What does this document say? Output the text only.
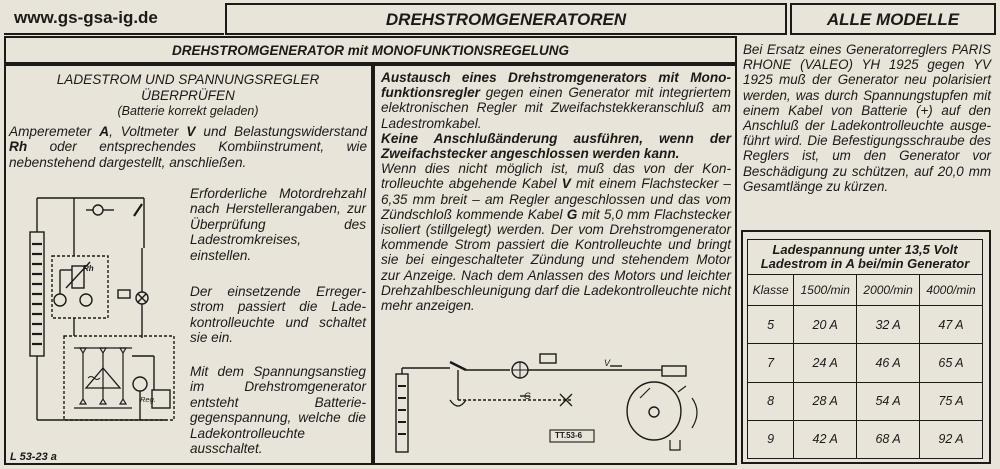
www.gs-gsa-ig.de	DREHSTROMGENERATOREN	ALLE MODELLE
DREHSTROMGENERATOR mit MONOFUNKTIONSREGELUNG
LADESTROM UND SPANNUNGSREGLER
ÜBERPRÜFEN
(Batterie korrekt geladen)
Amperemeter A, Voltmeter V und Belastungswiderstand Rh oder entsprechendes Kombiinstrument, wie nebenstehend dargestellt, anschließen.
Erforderliche Motordrehzahl nach Herstellerangaben, zur Überprüfung des Ladestromkreises, einstellen.
Der einsetzende Erregerstrom passiert die Ladekontrolleuchte und schaltet sie ein.
Mit dem Spannungsanstieg im Drehstromgenerator entsteht Batteriegegenspannung, welche die Ladekontrolleuchte ausschaltet.
Rh
Reg.
L 53-23 a
Austausch eines Drehstromgenerators mit Monofunktionsregler gegen einen Generator mit integriertem elektronischen Regler mit Zweifachstekkeranschluß am Ladestromkabel.
Keine Anschlußänderung ausführen, wenn der Zweifachstecker angeschlossen werden kann.
Wenn dies nicht möglich ist, muß das von der Kontrolleuchte abgehende Kabel V mit einem Flachstecker – 6,35 mm breit – am Regler angeschlossen und das vom Zündschloß kommende Kabel G mit 5,0 mm Flachstecker isoliert (stillgelegt) werden. Der vom Drehstromgenerator kommende Strom passiert die Kontrolleuchte und bringt sie bei eingeschalteter Zündung und stehendem Motor zur Anzeige. Nach dem Anlassen des Motors und leichter Drehzahlbeschleunigung darf die Ladekontrolleuchte nicht mehr anzeigen.
V
G
TT.53-6
Bei Ersatz eines Generatorreglers PARIS RHONE (VALEO) YH 1925 gegen YV 1925 muß der Generator neu polarisiert werden, was durch Spannungstupfen mit einem Kabel von Batterie (+) auf den Anschluß der Ladekontrolleuchte ausgeführt wird. Die Befestigungsschraube des Reglers ist, um den Generator vor Beschädigung zu schützen, auf 20,0 mm Gesamtlänge zu kürzen.
Ladespannung unter 13,5 Volt
Ladestrom in A bei/min Generator			
Klasse	1500/min	2000/min	4000/min
5	20 A	32 A	47 A
7	24 A	46 A	65 A
8	28 A	54 A	75 A
9	42 A	68 A	92 A
